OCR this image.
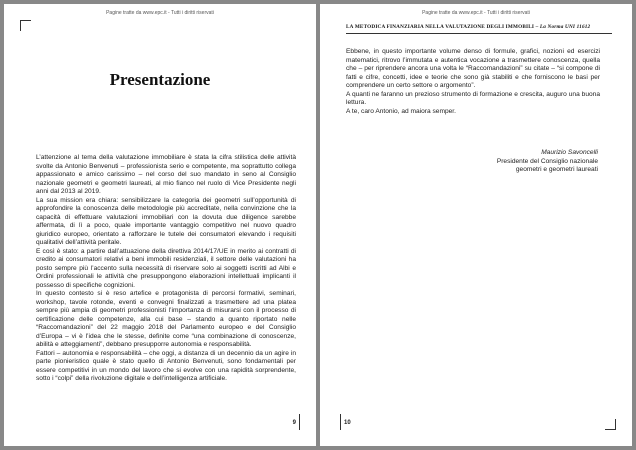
Pagine tratte da www.epc.it - Tutti i diritti riservati
Presentazione

L’attenzione al tema della valutazione immobiliare è stata la cifra stilistica delle attività svolte da Antonio Benvenuti – professionista serio e competente, ma soprattutto collega appassionato e amico carissimo – nel corso del suo mandato in seno al Consiglio nazionale geometri e geometri laureati, al mio fianco nel ruolo di Vice Presidente negli anni dal 2013 al 2019.

La sua mission era chiara: sensibilizzare la categoria dei geometri sull’opportunità di approfondire la conoscenza delle metodologie più accreditate, nella convinzione che la capacità di effettuare valutazioni immobiliari con la dovuta due diligence sarebbe affermata, di lì a poco, quale importante vantaggio competitivo nel nuovo quadro giuridico europeo, orientato a rafforzare le tutele dei consumatori elevando i requisiti qualitativi dell’attività peritale.

E così è stato: a partire dall’attuazione della direttiva 2014/17/UE in merito ai contratti di credito ai consumatori relativi a beni immobili residenziali, il settore delle valutazioni ha posto sempre più l’accento sulla necessità di riservare solo ai soggetti iscritti ad Albi e Ordini professionali le attività che presuppongono elaborazioni intellettuali implicanti il possesso di specifiche cognizioni.

In questo contesto si è reso artefice e protagonista di percorsi formativi, seminari, workshop, tavole rotonde, eventi e convegni finalizzati a trasmettere ad una platea sempre più ampia di geometri professionisti l’importanza di misurarsi con il processo di certificazione delle competenze, alla cui base – stando a quanto riportato nelle “Raccomandazioni” del 22 maggio 2018 del Parlamento europeo e del Consiglio d’Europa – vi è l’idea che le stesse, definite come “una combinazione di conoscenze, abilità e atteggiamenti”, debbano presupporre autonomia e responsabilità.

Fattori – autonomia e responsabilità – che oggi, a distanza di un decennio da un agire in parte pionieristico quale è stato quello di Antonio Benvenuti, sono fondamentali per essere competitivi in un mondo del lavoro che si evolve con una rapidità sorprendente, sotto i “colpi” della rivoluzione digitale e dell’intelligenza artificiale.

9
Pagine tratte da www.epc.it - Tutti i diritti riservati
LA METODICA FINANZIARIA NELLA VALUTAZIONE DEGLI IMMOBILI – La Norma UNI 11612

Ebbene, in questo importante volume denso di formule, grafici, nozioni ed esercizi matematici, ritrovo l’immutata e autentica vocazione a trasmettere conoscenza, quella che – per riprendere ancora una volta le “Raccomandazioni” su citate – “si compone di fatti e cifre, concetti, idee e teorie che sono già stabiliti e che forniscono le basi per comprendere un certo settore o argomento”.

A quanti ne faranno un prezioso strumento di formazione e crescita, auguro una buona lettura.

A te, caro Antonio, ad maiora semper.

Maurizio Savoncelli
Presidente del Consiglio nazionale
geometri e geometri laureati
10
